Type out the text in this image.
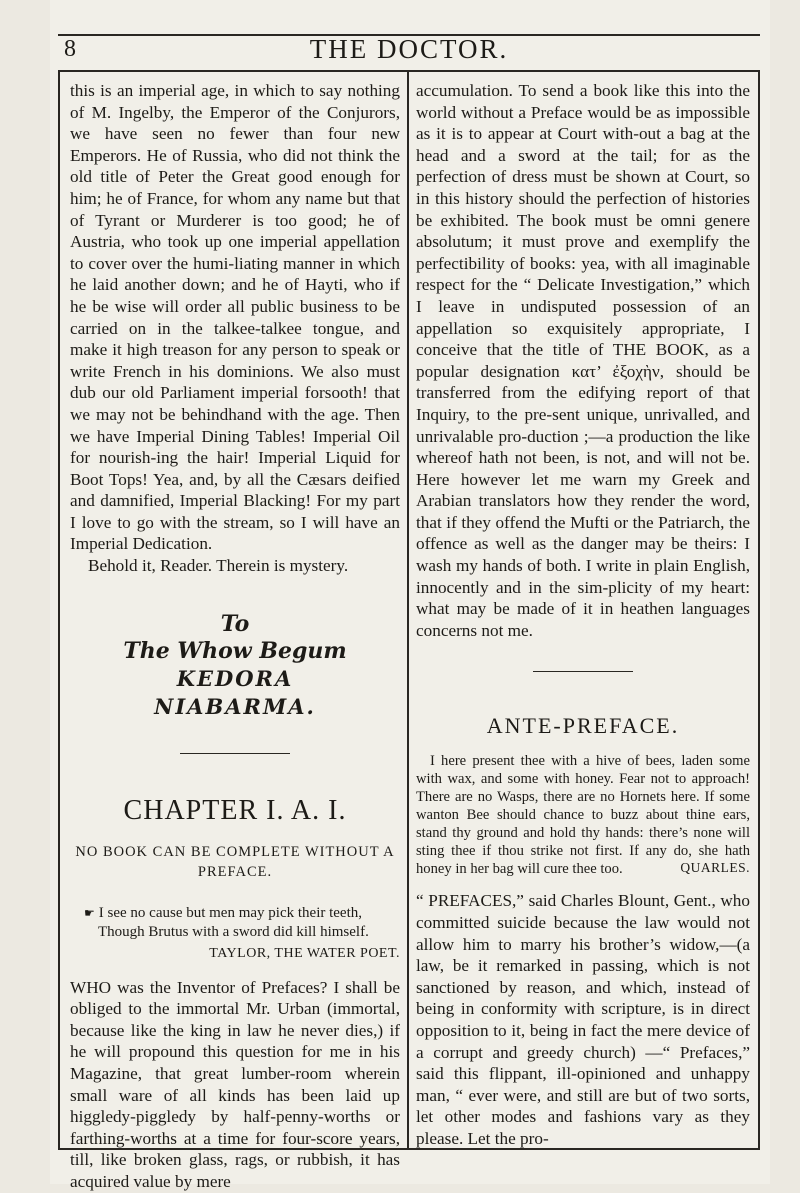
8	THE DOCTOR.

this is an imperial age, in which to say nothing of M. Ingelby, the Emperor of the Conjurors, we have seen no fewer than four new Emperors. He of Russia, who did not think the old title of Peter the Great good enough for him; he of France, for whom any name but that of Tyrant or Murderer is too good; he of Austria, who took up one imperial appellation to cover over the humi-liating manner in which he laid another down; and he of Hayti, who if he be wise will order all public business to be carried on in the talkee-talkee tongue, and make it high treason for any person to speak or write French in his dominions. We also must dub our old Parliament imperial forsooth! that we may not be behindhand with the age. Then we have Imperial Dining Tables! Imperial Oil for nourish-ing the hair! Imperial Liquid for Boot Tops! Yea, and, by all the Cæsars deified and damnified, Imperial Blacking! For my part I love to go with the stream, so I will have an Imperial Dedication.

Behold it, Reader. Therein is mystery.

To
The Whow Begum
KEDORA
NIABARMA.
CHAPTER I. A. I.
NO BOOK CAN BE COMPLETE WITHOUT A PREFACE.
☛ I see no cause but men may pick their teeth,
Though Brutus with a sword did kill himself.
TAYLOR, THE WATER POET.

WHO was the Inventor of Prefaces? I shall be obliged to the immortal Mr. Urban (immortal, because like the king in law he never dies,) if he will propound this question for me in his Magazine, that great lumber-room wherein small ware of all kinds has been laid up higgledy-piggledy by half-penny-worths or farthing-worths at a time for four-score years, till, like broken glass, rags, or rubbish, it has acquired value by mere

accumulation. To send a book like this into the world without a Preface would be as impossible as it is to appear at Court with-out a bag at the head and a sword at the tail; for as the perfection of dress must be shown at Court, so in this history should the perfection of histories be exhibited. The book must be omni genere absolutum; it must prove and exemplify the perfectibility of books: yea, with all imaginable respect for the “ Delicate Investigation,” which I leave in undisputed possession of an appellation so exquisitely appropriate, I conceive that the title of THE BOOK, as a popular designation κατ’ ἐξοχὴν, should be transferred from the edifying report of that Inquiry, to the pre-sent unique, unrivalled, and unrivalable pro-duction ;—a production the like whereof hath not been, is not, and will not be. Here however let me warn my Greek and Arabian translators how they render the word, that if they offend the Mufti or the Patriarch, the offence as well as the danger may be theirs: I wash my hands of both. I write in plain English, innocently and in the sim-plicity of my heart: what may be made of it in heathen languages concerns not me.

ANTE-PREFACE.

I here present thee with a hive of bees, laden some with wax, and some with honey. Fear not to approach! There are no Wasps, there are no Hornets here. If some wanton Bee should chance to buzz about thine ears, stand thy ground and hold thy hands: there’s none will sting thee if thou strike not first. If any do, she hath honey in her bag will cure thee too.	QUARLES.

“ PREFACES,” said Charles Blount, Gent., who committed suicide because the law would not allow him to marry his brother’s widow,—(a law, be it remarked in passing, which is not sanctioned by reason, and which, instead of being in conformity with scripture, is in direct opposition to it, being in fact the mere device of a corrupt and greedy church) —“ Prefaces,” said this flippant, ill-opinioned and unhappy man, “ ever were, and still are but of two sorts, let other modes and fashions vary as they please. Let the pro-
